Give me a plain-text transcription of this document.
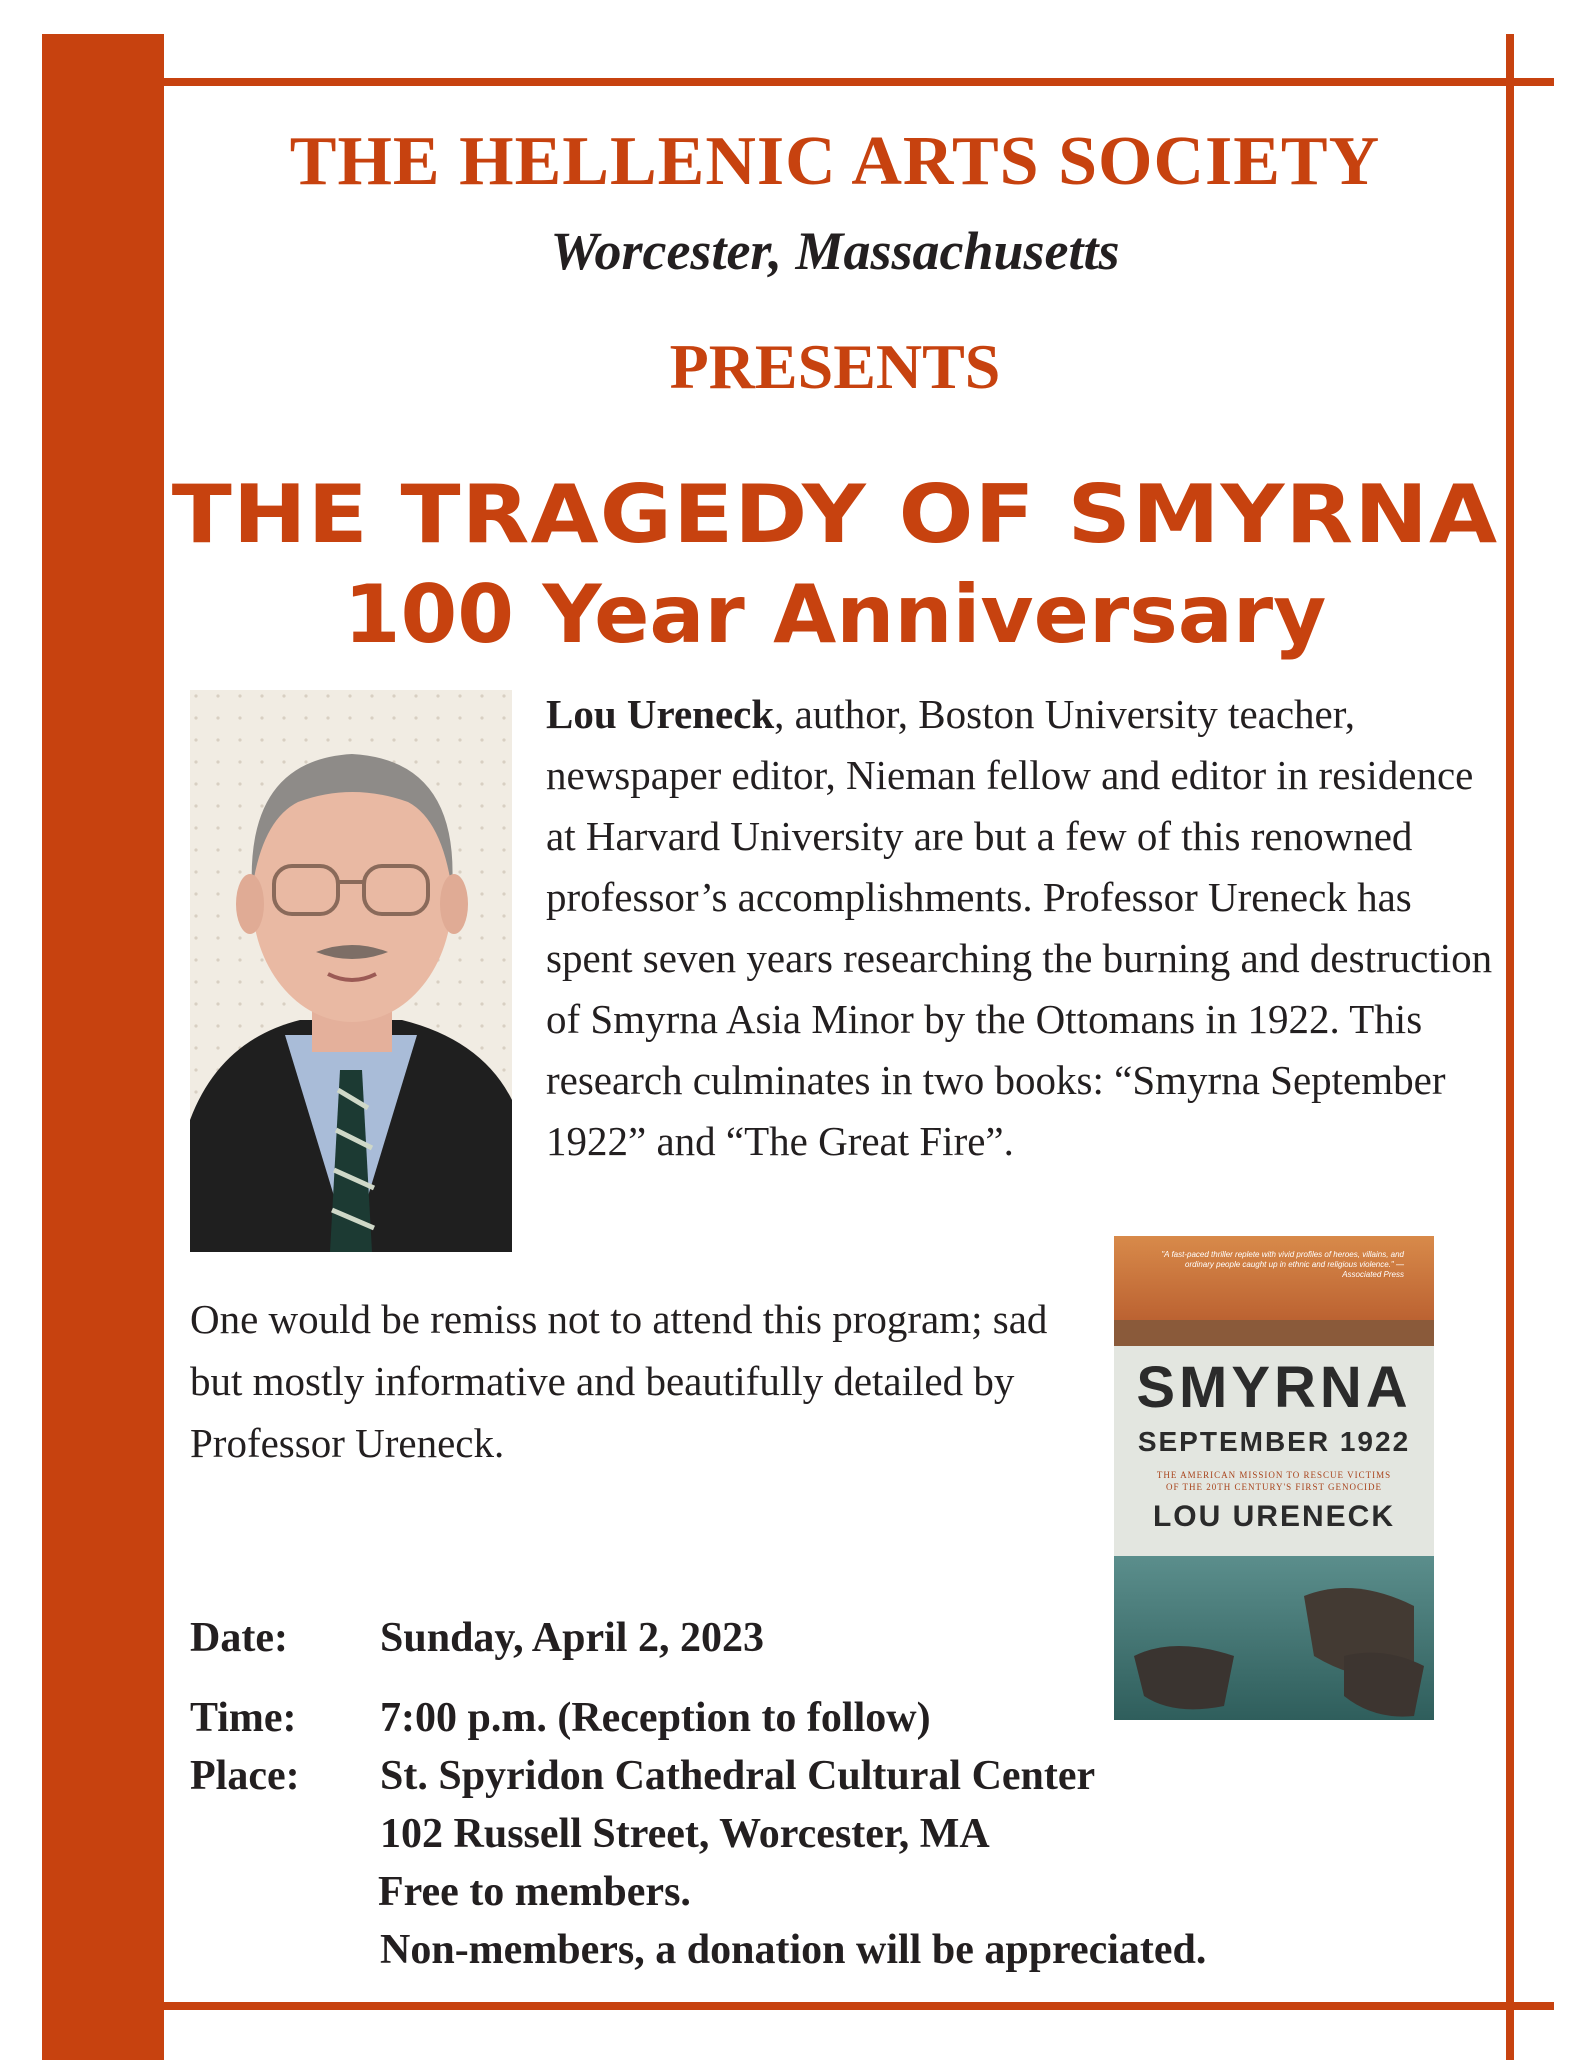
THE HELLENIC ARTS SOCIETY
Worcester, Massachusetts
PRESENTS
THE TRAGEDY OF SMYRNA
100 Year Anniversary
Lou Ureneck, author, Boston University teacher, newspaper editor, Nieman fellow and editor in residence at Harvard University are but a few of this renowned professor’s accomplishments. Professor Ureneck has spent seven years researching the burning and destruction of Smyrna Asia Minor by the Ottomans in 1922. This research culminates in two books: “Smyrna September 1922” and “The Great Fire”.
One would be remiss not to attend this program; sad but mostly informative and beautifully detailed by Professor Ureneck.
"A fast-paced thriller replete with vivid profiles of heroes, villains, and ordinary people caught up in ethnic and religious violence." —Associated Press
SMYRNA
SEPTEMBER 1922
THE AMERICAN MISSION TO RESCUE VICTIMS
OF THE 20TH CENTURY'S FIRST GENOCIDE
LOU URENECK
Date: Sunday, April 2, 2023
Time: 7:00 p.m. (Reception to follow)
Place: St. Spyridon Cathedral Cultural Center
102 Russell Street, Worcester, MA
Free to members.
Non-members, a donation will be appreciated.
